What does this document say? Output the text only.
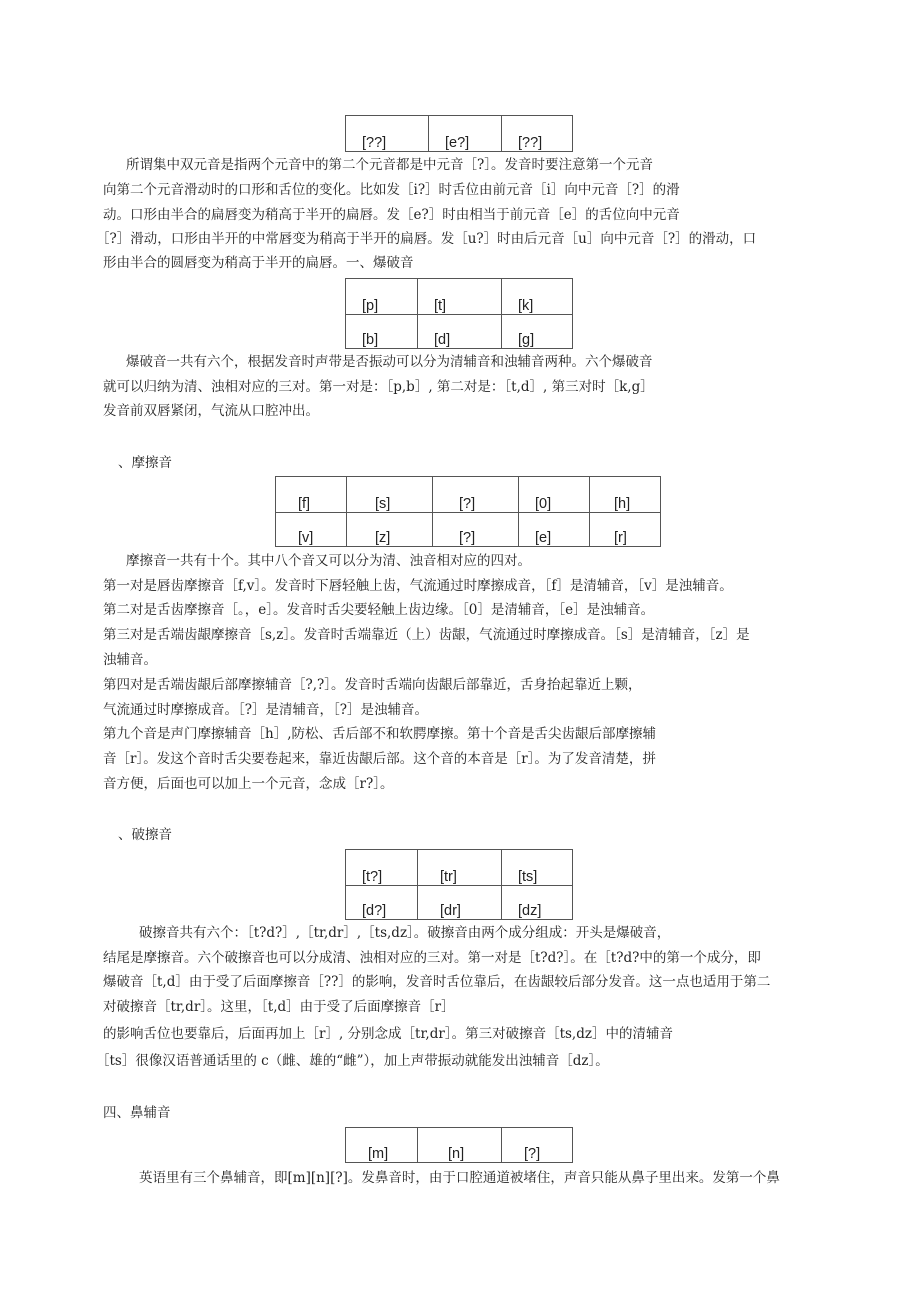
[??]	[e?]	[??]
所谓集中双元音是指两个元音中的第二个元音都是中元音［?］。发音时要注意第一个元音
向第二个元音滑动时的口形和舌位的变化。比如发［i?］时舌位由前元音［i］向中元音［?］的滑
动。口形由半合的扁唇变为稍高于半开的扁唇。发［e?］时由相当于前元音［e］的舌位向中元音
［?］滑动，口形由半开的中常唇变为稍高于半开的扁唇。发［u?］时由后元音［u］向中元音［?］的滑动，口
形由半合的圆唇变为稍高于半开的扁唇。一、爆破音
[p]	[t]	[k]
[b]	[d]	[g]
爆破音一共有六个，根据发音时声带是否振动可以分为清辅音和浊辅音两种。六个爆破音
就可以归纳为清、浊相对应的三对。第一对是：［p,b］, 第二对是：［t,d］, 第三对时［k,g］
发音前双唇紧闭，气流从口腔冲出。
、摩擦音
[f]	[s]	[?]	[0]	[h]
[v]	[z]	[?]	[e]	[r]
摩擦音一共有十个。其中八个音又可以分为清、浊音相对应的四对。
第一对是唇齿摩擦音［f,v］。发音时下唇轻触上齿，气流通过时摩擦成音，［f］是清辅音，［v］是浊辅音。
第二对是舌齿摩擦音［。，e］。发音时舌尖要轻触上齿边缘。［0］是清辅音，［e］是浊辅音。
第三对是舌端齿龈摩擦音［s,z］。发音时舌端靠近（上）齿龈，气流通过时摩擦成音。［s］是清辅音，［z］是
浊辅音。
第四对是舌端齿龈后部摩擦辅音［?,?］。发音时舌端向齿龈后部靠近，舌身抬起靠近上颗，
气流通过时摩擦成音。［?］是清辅音，［?］是浊辅音。
第九个音是声门摩擦辅音［h］,防松、舌后部不和软腭摩擦。第十个音是舌尖齿龈后部摩擦辅
音［r］。发这个音时舌尖要卷起来，靠近齿龈后部。这个音的本音是［r］。为了发音清楚，拼
音方便，后面也可以加上一个元音，念成［r?］。
、破擦音
[t?]	[tr]	[ts]
[d?]	[dr]	[dz]
破擦音共有六个：［t?d?］,［tr,dr］,［ts,dz］。破擦音由两个成分组成：开头是爆破音，
结尾是摩擦音。六个破擦音也可以分成清、浊相对应的三对。第一对是［t?d?］。在［t?d?中的第一个成分，即
爆破音［t,d］由于受了后面摩擦音［??］的影响，发音时舌位靠后，在齿龈较后部分发音。这一点也适用于第二
对破擦音［tr,dr］。这里，［t,d］由于受了后面摩擦音［r］
的影响舌位也要靠后，后面再加上［r］, 分别念成［tr,dr］。第三对破擦音［ts,dz］中的清辅音
［ts］很像汉语普通话里的 c（雌、雄的“雌”），加上声带振动就能发出浊辅音［dz］。
四、鼻辅音
[m]	[n]	[?]
英语里有三个鼻辅音，即[m][n][?]。发鼻音时，由于口腔通道被堵住，声音只能从鼻子里出来。发第一个鼻
